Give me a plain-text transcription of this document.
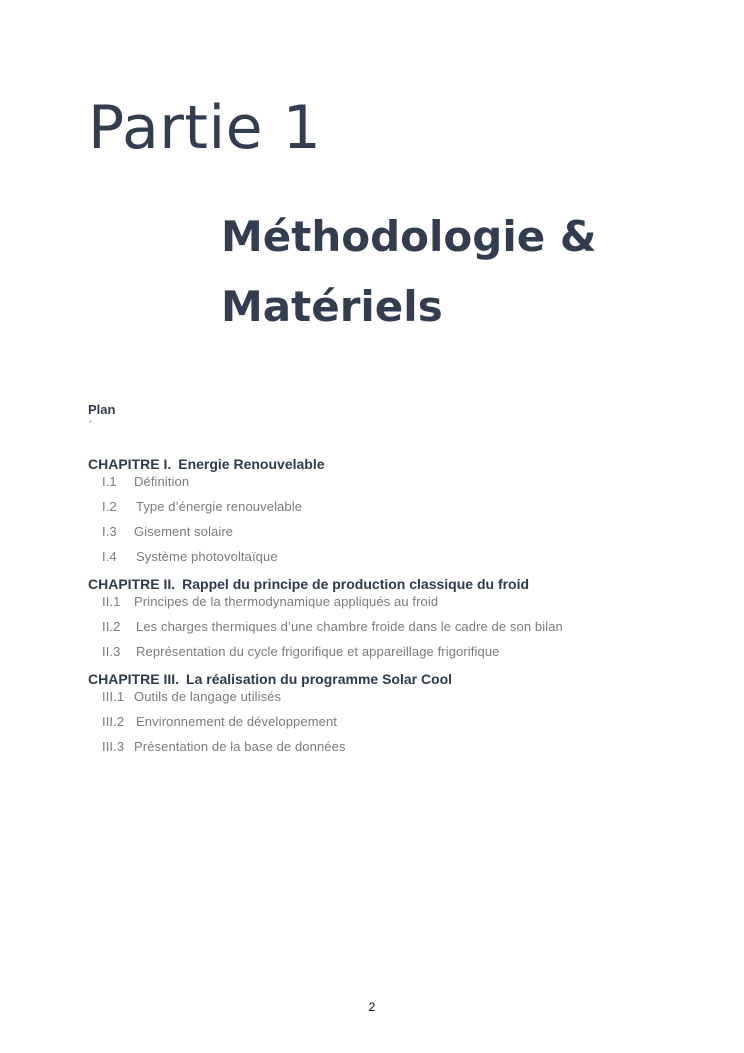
Partie 1
Méthodologie &
Matériels
Plan
´
CHAPITRE I. Energie Renouvelable
I.1 Définition
I.2 Type d’énergie renouvelable
I.3 Gisement solaire
I.4 Système photovoltaïque
CHAPITRE II. Rappel du principe de production classique du froid
II.1 Principes de la thermodynamique appliqués au froid
II.2 Les charges thermiques d’une chambre froide dans le cadre de son bilan
II.3 Représentation du cycle frigorifique et appareillage frigorifique
CHAPITRE III. La réalisation du programme Solar Cool
III.1 Outils de langage utilisés
III.2 Environnement de développement
III.3 Présentation de la base de données
2
